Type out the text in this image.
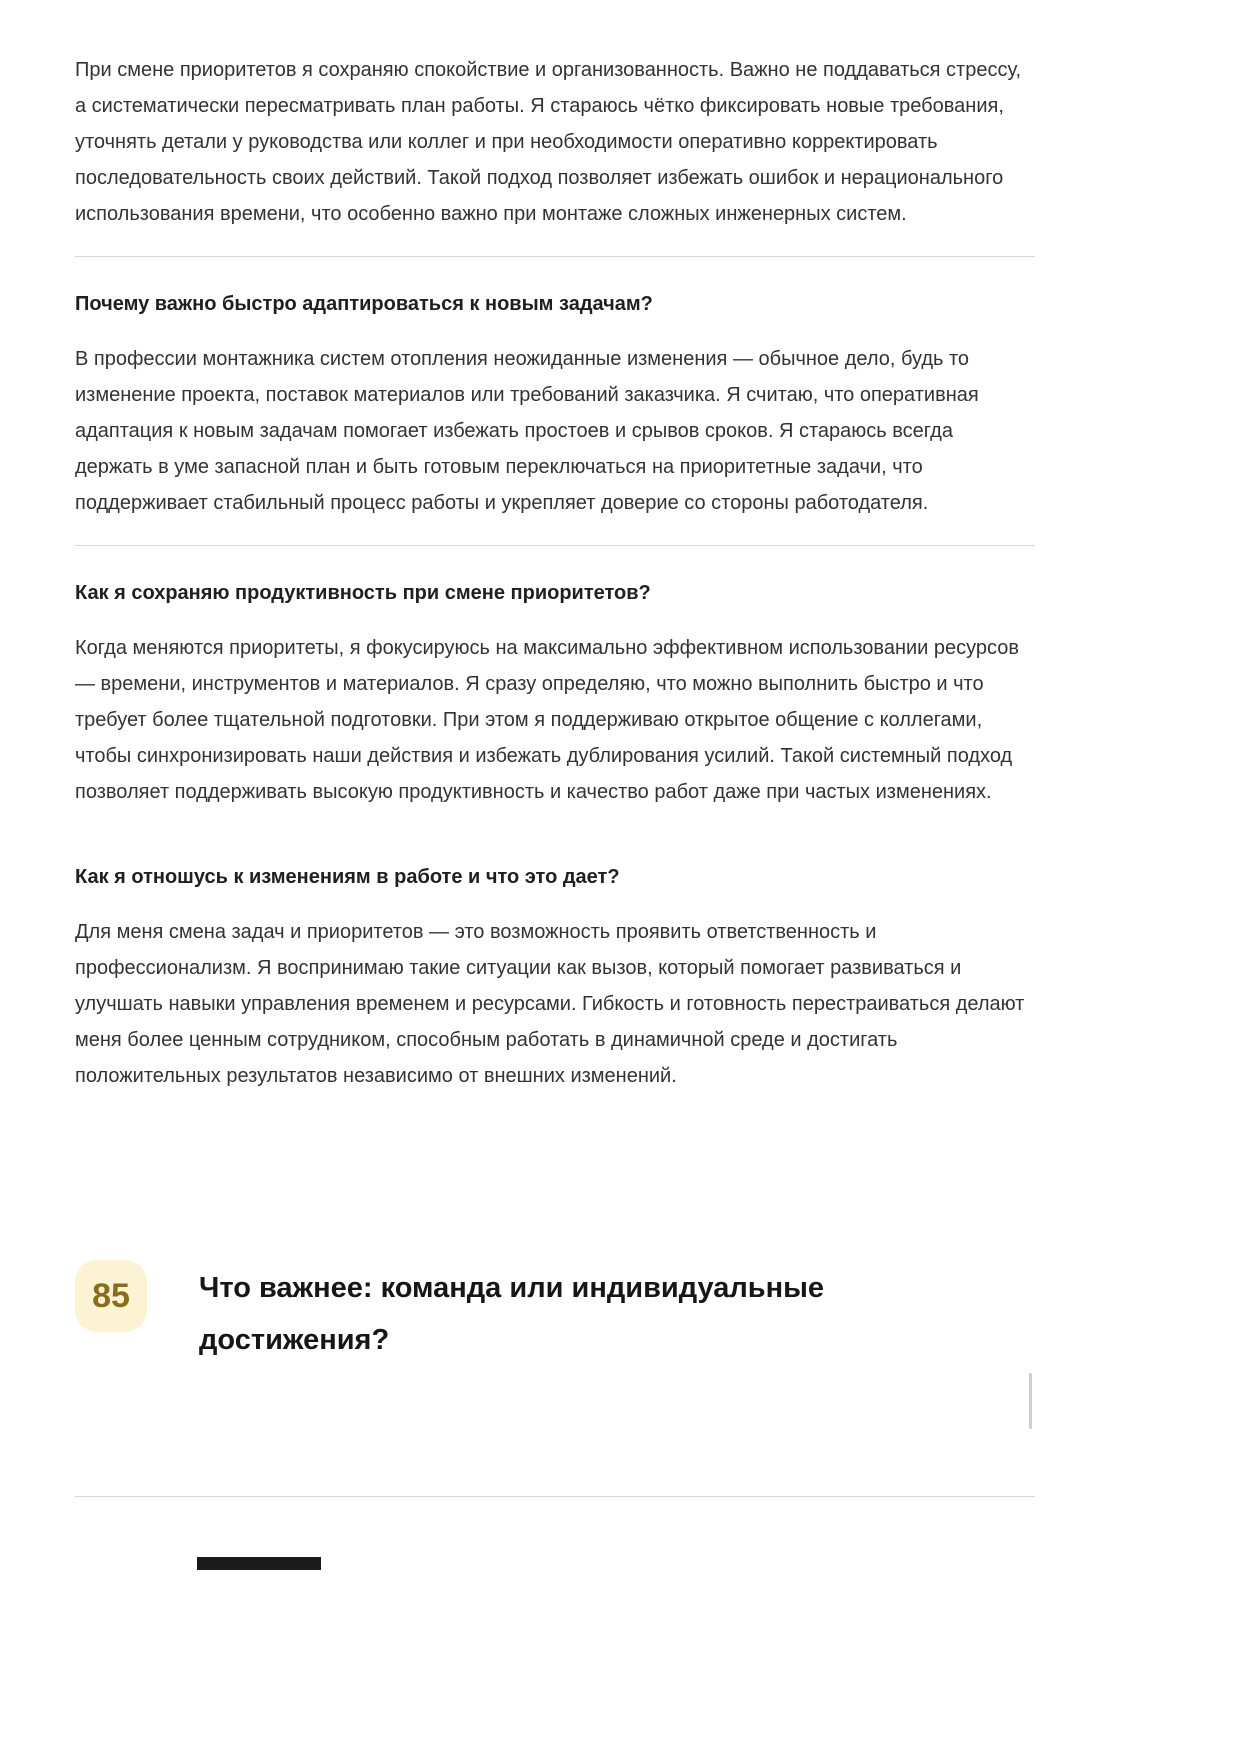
При смене приоритетов я сохраняю спокойствие и организованность. Важно не поддаваться стрессу, а систематически пересматривать план работы. Я стараюсь чётко фиксировать новые требования, уточнять детали у руководства или коллег и при необходимости оперативно корректировать последовательность своих действий. Такой подход позволяет избежать ошибок и нерационального использования времени, что особенно важно при монтаже сложных инженерных систем.

Почему важно быстро адаптироваться к новым задачам?

В профессии монтажника систем отопления неожиданные изменения — обычное дело, будь то изменение проекта, поставок материалов или требований заказчика. Я считаю, что оперативная адаптация к новым задачам помогает избежать простоев и срывов сроков. Я стараюсь всегда держать в уме запасной план и быть готовым переключаться на приоритетные задачи, что поддерживает стабильный процесс работы и укрепляет доверие со стороны работодателя.

Как я сохраняю продуктивность при смене приоритетов?

Когда меняются приоритеты, я фокусируюсь на максимально эффективном использовании ресурсов — времени, инструментов и материалов. Я сразу определяю, что можно выполнить быстро и что требует более тщательной подготовки. При этом я поддерживаю открытое общение с коллегами, чтобы синхронизировать наши действия и избежать дублирования усилий. Такой системный подход позволяет поддерживать высокую продуктивность и качество работ даже при частых изменениях.

Как я отношусь к изменениям в работе и что это дает?

Для меня смена задач и приоритетов — это возможность проявить ответственность и профессионализм. Я воспринимаю такие ситуации как вызов, который помогает развиваться и улучшать навыки управления временем и ресурсами. Гибкость и готовность перестраиваться делают меня более ценным сотрудником, способным работать в динамичной среде и достигать положительных результатов независимо от внешних изменений.

85	Что важнее: команда или индивидуальные достижения?
